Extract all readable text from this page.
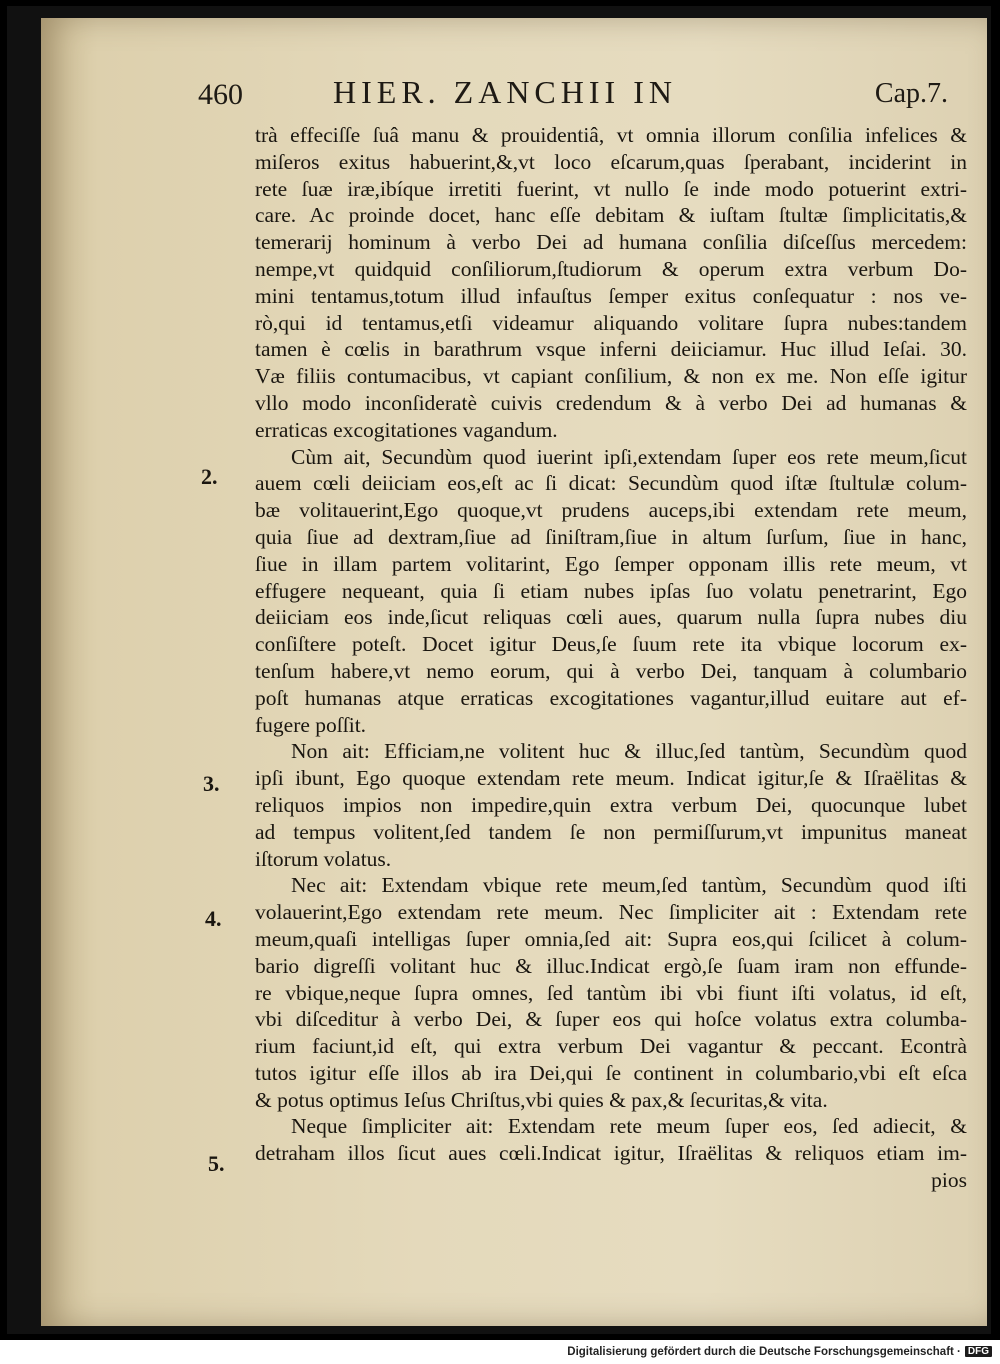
460	HIER. ZANCHII IN	Cap.7.
2.
3.
4.
5.
trà effeciſſe ſuâ manu & prouidentiâ, vt omnia illorum conſilia infelices &
miſeros exitus habuerint,&,vt loco eſcarum,quas ſperabant, inciderint in
rete ſuæ iræ,ibíque irretiti fuerint, vt nullo ſe inde modo potuerint extri-
care. Ac proinde docet, hanc eſſe debitam & iuſtam ſtultæ ſimplicitatis,&
temerarij hominum à verbo Dei ad humana conſilia diſceſſus mercedem:
nempe,vt quidquid conſiliorum,ſtudiorum & operum extra verbum Do-
mini tentamus,totum illud infauſtus ſemper exitus conſequatur : nos ve-
rò,qui id tentamus,etſi videamur aliquando volitare ſupra nubes:tandem
tamen è cœlis in barathrum vsque inferni deiiciamur. Huc illud Ieſai. 30.
Væ filiis contumacibus, vt capiant conſilium, & non ex me. Non eſſe igitur
vllo modo inconſideratè cuivis credendum & à verbo Dei ad humanas &
erraticas excogitationes vagandum.
Cùm ait, Secundùm quod iuerint ipſi,extendam ſuper eos rete meum,ſicut
auem cœli deiiciam eos,eſt ac ſi dicat: Secundùm quod iſtæ ſtultulæ colum-
bæ volitauerint,Ego quoque,vt prudens auceps,ibi extendam rete meum,
quia ſiue ad dextram,ſiue ad ſiniſtram,ſiue in altum ſurſum, ſiue in hanc,
ſiue in illam partem volitarint, Ego ſemper opponam illis rete meum, vt
effugere nequeant, quia ſi etiam nubes ipſas ſuo volatu penetrarint, Ego
deiiciam eos inde,ſicut reliquas cœli aues, quarum nulla ſupra nubes diu
conſiſtere poteſt. Docet igitur Deus,ſe ſuum rete ita vbique locorum ex-
tenſum habere,vt nemo eorum, qui à verbo Dei, tanquam à columbario
poſt humanas atque erraticas excogitationes vagantur,illud euitare aut ef-
fugere poſſit.
Non ait: Efficiam,ne volitent huc & illuc,ſed tantùm, Secundùm quod
ipſi ibunt, Ego quoque extendam rete meum. Indicat igitur,ſe & Iſraëlitas &
reliquos impios non impedire,quin extra verbum Dei, quocunque lubet
ad tempus volitent,ſed tandem ſe non permiſſurum,vt impunitus maneat
iſtorum volatus.
Nec ait: Extendam vbique rete meum,ſed tantùm, Secundùm quod iſti
volauerint,Ego extendam rete meum. Nec ſimpliciter ait : Extendam rete
meum,quaſi intelligas ſuper omnia,ſed ait: Supra eos,qui ſcilicet à colum-
bario digreſſi volitant huc & illuc.Indicat ergò,ſe ſuam iram non effunde-
re vbique,neque ſupra omnes, ſed tantùm ibi vbi fiunt iſti volatus, id eſt,
vbi diſceditur à verbo Dei, & ſuper eos qui hoſce volatus extra columba-
rium faciunt,id eſt, qui extra verbum Dei vagantur & peccant. Econtrà
tutos igitur eſſe illos ab ira Dei,qui ſe continent in columbario,vbi eſt eſca
& potus optimus Ieſus Chriſtus,vbi quies & pax,& ſecuritas,& vita.
Neque ſimpliciter ait: Extendam rete meum ſuper eos, ſed adiecit, &
detraham illos ſicut aues cœli.Indicat igitur, Iſraëlitas & reliquos etiam im-
pios
Digitalisierung gefördert durch die Deutsche Forschungsgemeinschaft · DFG
